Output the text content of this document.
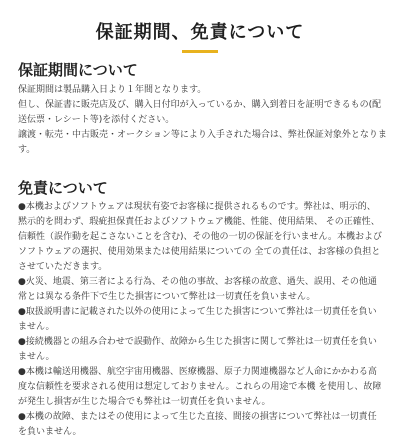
保証期間、免責について
保証期間について

保証期間は製品購入日より１年間となります。

但し、保証書に販売店及び、購入日付印が入っているか、購入到着日を証明できるもの(配
送伝票・レシート等)を添付ください。

譲渡・転売・中古販売・オークション等により入手された場合は、弊社保証対象外となりま
す。

免責について

●本機およびソフトウェアは現状有姿でお客様に提供されるものです。弊社は、明示的、
黙示的を問わず、瑕疵担保責任およびソフトウェア機能、性能、使用結果、 その正確性、
信頼性（誤作動を起こさないことを含む)、その他の一切の保証を行いません。本機および
ソフトウェアの選択、使用効果または使用結果についての 全ての責任は、お客様の負担と
させていただきます。

●火災、地震、第三者による行為、その他の事故、お客様の故意、過失、誤用、その他通
常とは異なる条件下で生じた損害について弊社は一切責任を負いません。

●取扱説明書に記載された以外の使用によって生じた損害について弊社は一切責任を負い
ません。

●接続機器との組み合わせで誤動作、故障から生じた損害に関して弊社は一切責任を負い
ません。

●本機は輸送用機器、航空宇宙用機器、医療機器、原子力関連機器など人命にかかわる高
度な信頼性を要求される使用は想定しておりません。これらの用途で本機 を使用し、故障
が発生し損害が生じた場合でも弊社は一切責任を負いません。

●本機の故障、またはその使用によって生じた直接、間接の損害について弊社は一切責任
を負いません。
